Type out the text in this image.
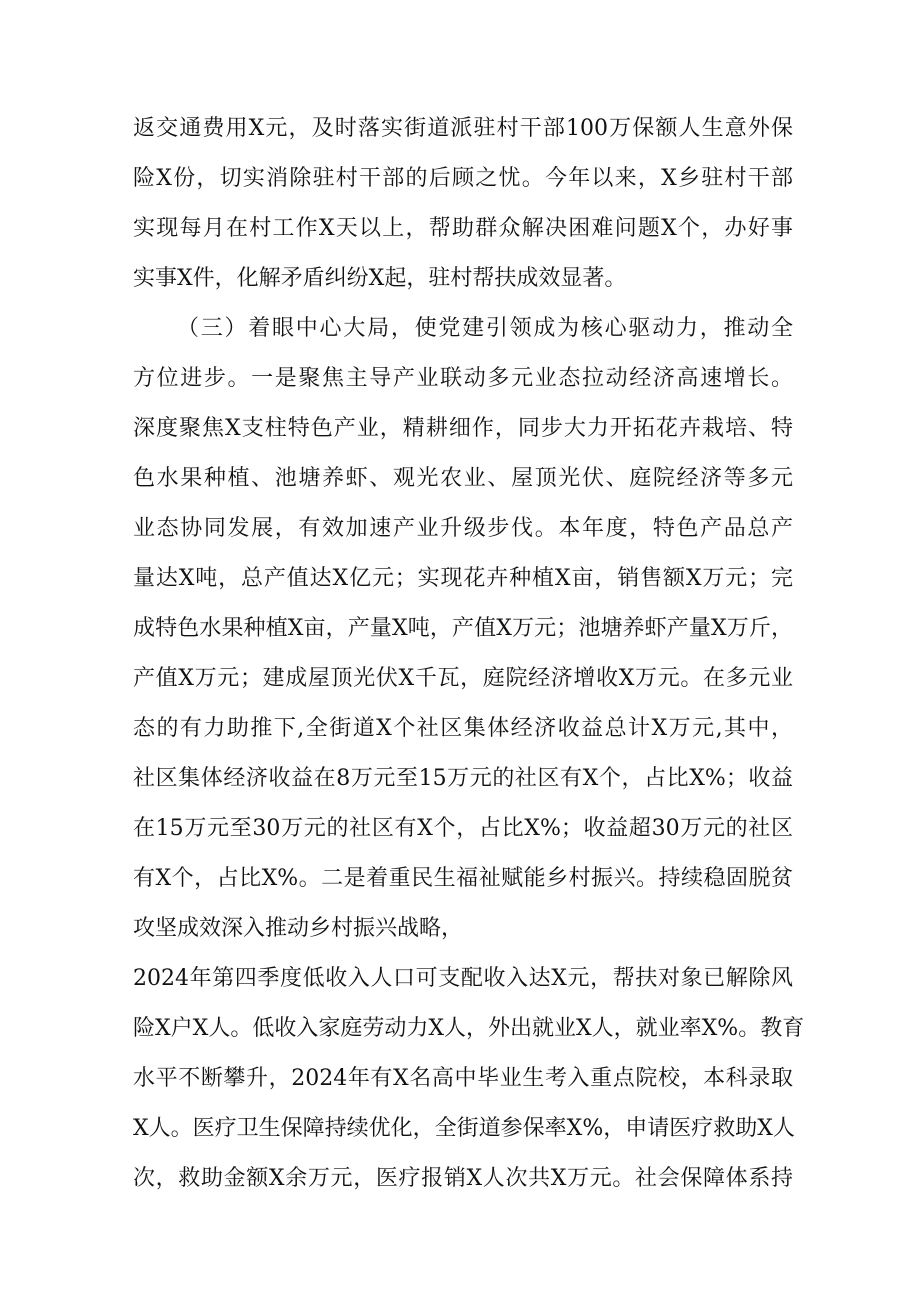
返交通费用X元，及时落实街道派驻村干部100万保额人生意外保
险X份，切实消除驻村干部的后顾之忧。今年以来，X乡驻村干部
实现每月在村工作X天以上，帮助群众解决困难问题X个，办好事
实事X件，化解矛盾纠纷X起，驻村帮扶成效显著。
（三）着眼中心大局，使党建引领成为核心驱动力，推动全
方位进步。一是聚焦主导产业联动多元业态拉动经济高速增长。
深度聚焦X支柱特色产业，精耕细作，同步大力开拓花卉栽培、特
色水果种植、池塘养虾、观光农业、屋顶光伏、庭院经济等多元
业态协同发展，有效加速产业升级步伐。本年度，特色产品总产
量达X吨，总产值达X亿元；实现花卉种植X亩，销售额X万元；完
成特色水果种植X亩，产量X吨，产值X万元；池塘养虾产量X万斤，
产值X万元；建成屋顶光伏X千瓦，庭院经济增收X万元。在多元业
态的有力助推下,全街道X个社区集体经济收益总计X万元,其中，
社区集体经济收益在8万元至15万元的社区有X个，占比X%；收益
在15万元至30万元的社区有X个，占比X%；收益超30万元的社区
有X个，占比X%。二是着重民生福祉赋能乡村振兴。持续稳固脱贫
攻坚成效深入推动乡村振兴战略，
2024年第四季度低收入人口可支配收入达X元，帮扶对象已解除风
险X户X人。低收入家庭劳动力X人，外出就业X人，就业率X%。教育
水平不断攀升，2024年有X名高中毕业生考入重点院校，本科录取
X人。医疗卫生保障持续优化，全街道参保率X%，申请医疗救助X人
次，救助金额X余万元，医疗报销X人次共X万元。社会保障体系持
